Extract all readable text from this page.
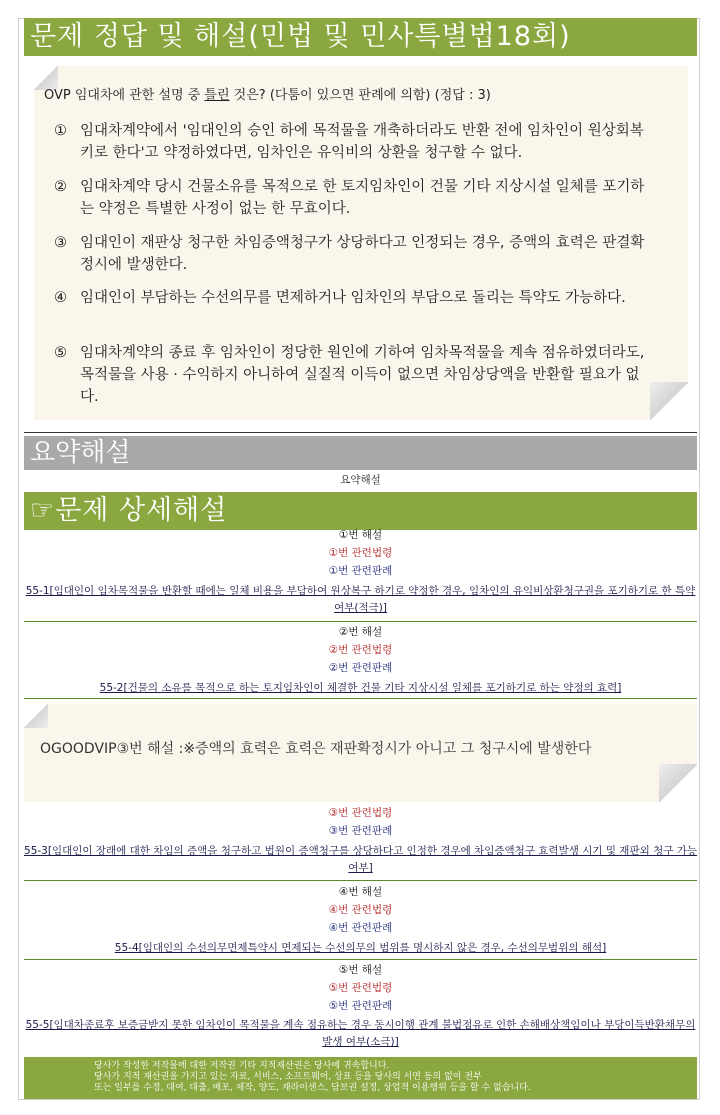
문제 정답 및 해설(민법 및 민사특별법18회)
OVP 임대차에 관한 설명 중 틀린 것은? (다툼이 있으면 판례에 의함) (정답 : 3)
① 임대차계약에서 '임대인의 승인 하에 목적물을 개축하더라도 반환 전에 임차인이 원상회복키로 한다'고 약정하였다면, 임차인은 유익비의 상환을 청구할 수 없다.
② 임대차계약 당시 건물소유를 목적으로 한 토지임차인이 건물 기타 지상시설 일체를 포기하는 약정은 특별한 사정이 없는 한 무효이다.
③ 임대인이 재판상 청구한 차임증액청구가 상당하다고 인정되는 경우, 증액의 효력은 판결확정시에 발생한다.
④ 임대인이 부담하는 수선의무를 면제하거나 임차인의 부담으로 돌리는 특약도 가능하다.
⑤ 임대차계약의 종료 후 임차인이 정당한 원인에 기하여 임차목적물을 계속 점유하였더라도, 목적물을 사용 · 수익하지 아니하여 실질적 이득이 없으면 차임상당액을 반환할 필요가 없다.
요약해설
요약해설
☞문제 상세해설
①번 해설
①번 관련법령
①번 관련판례
55-1[임대인이 임차목적물을 반환할 때에는 일체 비용을 부담하여 원상복구 하기로 약정한 경우, 임차인의 유익비상환청구권을 포기하기로 한 특약 여부(적극)]
②번 해설
②번 관련법령
②번 관련판례
55-2[건물의 소유를 목적으로 하는 토지임차인이 체결한 건물 기타 지상시설 일체를 포기하기로 하는 약정의 효력]
OGOODVIP③번 해설 :※증액의 효력은 효력은 재판확정시가 아니고 그 청구시에 발생한다
③번 관련법령
③번 관련판례
55-3[임대인이 장래에 대한 차임의 증액을 청구하고 법원이 증액청구를 상당하다고 인정한 경우에 차임증액청구 효력발생 시기 및 재판외 청구 가능 여부]
④번 해설
④번 관련법령
④번 관련판례
55-4[임대인의 수선의무면제특약시 면제되는 수선의무의 범위를 명시하지 않은 경우, 수선의무범위의 해석]
⑤번 해설
⑤번 관련법령
⑤번 관련판례
55-5[임대차종료후 보증금받지 못한 임차인이 목적물을 계속 점유하는 경우 동시이행 관계 불법점유로 인한 손해배상책임이나 부당이득반환채무의 발생 여부(소극)]
당사가 작성한 저작물에 대한 저작권 기타 지적재산권은 당사에 귀속합니다.
당사가 지적 재산권을 가지고 있는 자료, 서비스, 소프트웨어, 상표 등을 당사의 서면 동의 없이 전부
또는 일부를 수정, 대여, 대출, 배포, 제작, 양도, 재라이센스, 담보권 설정, 상업적 이용행위 등을 할 수 없습니다.
